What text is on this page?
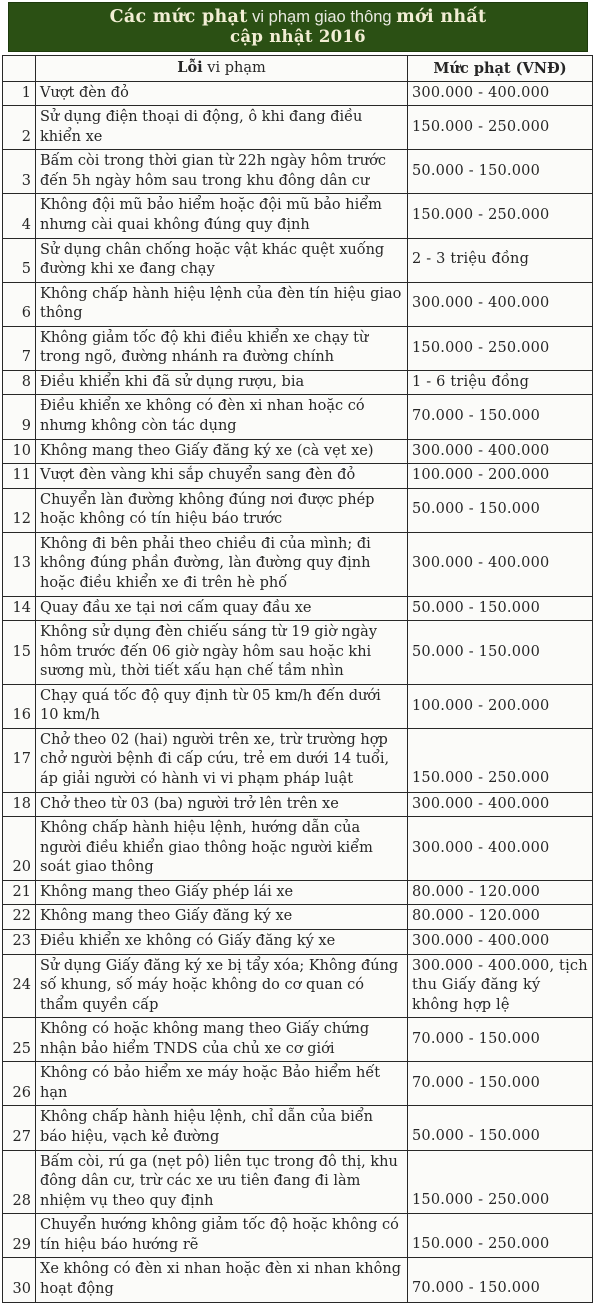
Các mức phạt vi phạm giao thông mới nhất
cập nhật 2016
	Lỗi vi phạm	Mức phạt (VNĐ)
1	Vượt đèn đỏ	300.000 - 400.000
2	Sử dụng điện thoại di động, ô khi đang điều khiển xe	150.000 - 250.000
3	Bấm còi trong thời gian từ 22h ngày hôm trước đến 5h ngày hôm sau trong khu đông dân cư	50.000 - 150.000
4	Không đội mũ bảo hiểm hoặc đội mũ bảo hiểm nhưng cài quai không đúng quy định	150.000 - 250.000
5	Sử dụng chân chống hoặc vật khác quệt xuống đường khi xe đang chạy	2 - 3 triệu đồng
6	Không chấp hành hiệu lệnh của đèn tín hiệu giao thông	300.000 - 400.000
7	Không giảm tốc độ khi điều khiển xe chạy từ trong ngõ, đường nhánh ra đường chính	150.000 - 250.000
8	Điều khiển khi đã sử dụng rượu, bia	1 - 6 triệu đồng
9	Điều khiển xe không có đèn xi nhan hoặc có nhưng không còn tác dụng	70.000 - 150.000
10	Không mang theo Giấy đăng ký xe (cà vẹt xe)	300.000 - 400.000
11	Vượt đèn vàng khi sắp chuyển sang đèn đỏ	100.000 - 200.000
12	Chuyển làn đường không đúng nơi được phép hoặc không có tín hiệu báo trước	50.000 - 150.000
13	Không đi bên phải theo chiều đi của mình; đi không đúng phần đường, làn đường quy định hoặc điều khiển xe đi trên hè phố	300.000 - 400.000
14	Quay đầu xe tại nơi cấm quay đầu xe	50.000 - 150.000
15	Không sử dụng đèn chiếu sáng từ 19 giờ ngày hôm trước đến 06 giờ ngày hôm sau hoặc khi sương mù, thời tiết xấu hạn chế tầm nhìn	50.000 - 150.000
16	Chạy quá tốc độ quy định từ 05 km/h đến dưới 10 km/h	100.000 - 200.000
17	Chở theo 02 (hai) người trên xe, trừ trường hợp chở người bệnh đi cấp cứu, trẻ em dưới 14 tuổi, áp giải người có hành vi vi phạm pháp luật	150.000 - 250.000
18	Chở theo từ 03 (ba) người trở lên trên xe	300.000 - 400.000
20	Không chấp hành hiệu lệnh, hướng dẫn của người điều khiển giao thông hoặc người kiểm soát giao thông	300.000 - 400.000
21	Không mang theo Giấy phép lái xe	80.000 - 120.000
22	Không mang theo Giấy đăng ký xe	80.000 - 120.000
23	Điều khiển xe không có Giấy đăng ký xe	300.000 - 400.000
24	Sử dụng Giấy đăng ký xe bị tẩy xóa; Không đúng số khung, số máy hoặc không do cơ quan có thẩm quyền cấp	300.000 - 400.000, tịch thu Giấy đăng ký không hợp lệ
25	Không có hoặc không mang theo Giấy chứng nhận bảo hiểm TNDS của chủ xe cơ giới	70.000 - 150.000
26	Không có bảo hiểm xe máy hoặc Bảo hiểm hết hạn	70.000 - 150.000
27	Không chấp hành hiệu lệnh, chỉ dẫn của biển báo hiệu, vạch kẻ đường	50.000 - 150.000
28	Bấm còi, rú ga (nẹt pô) liên tục trong đô thị, khu đông dân cư, trừ các xe ưu tiên đang đi làm nhiệm vụ theo quy định	150.000 - 250.000
29	Chuyển hướng không giảm tốc độ hoặc không có tín hiệu báo hướng rẽ	150.000 - 250.000
30	Xe không có đèn xi nhan hoặc đèn xi nhan không hoạt động	70.000 - 150.000
